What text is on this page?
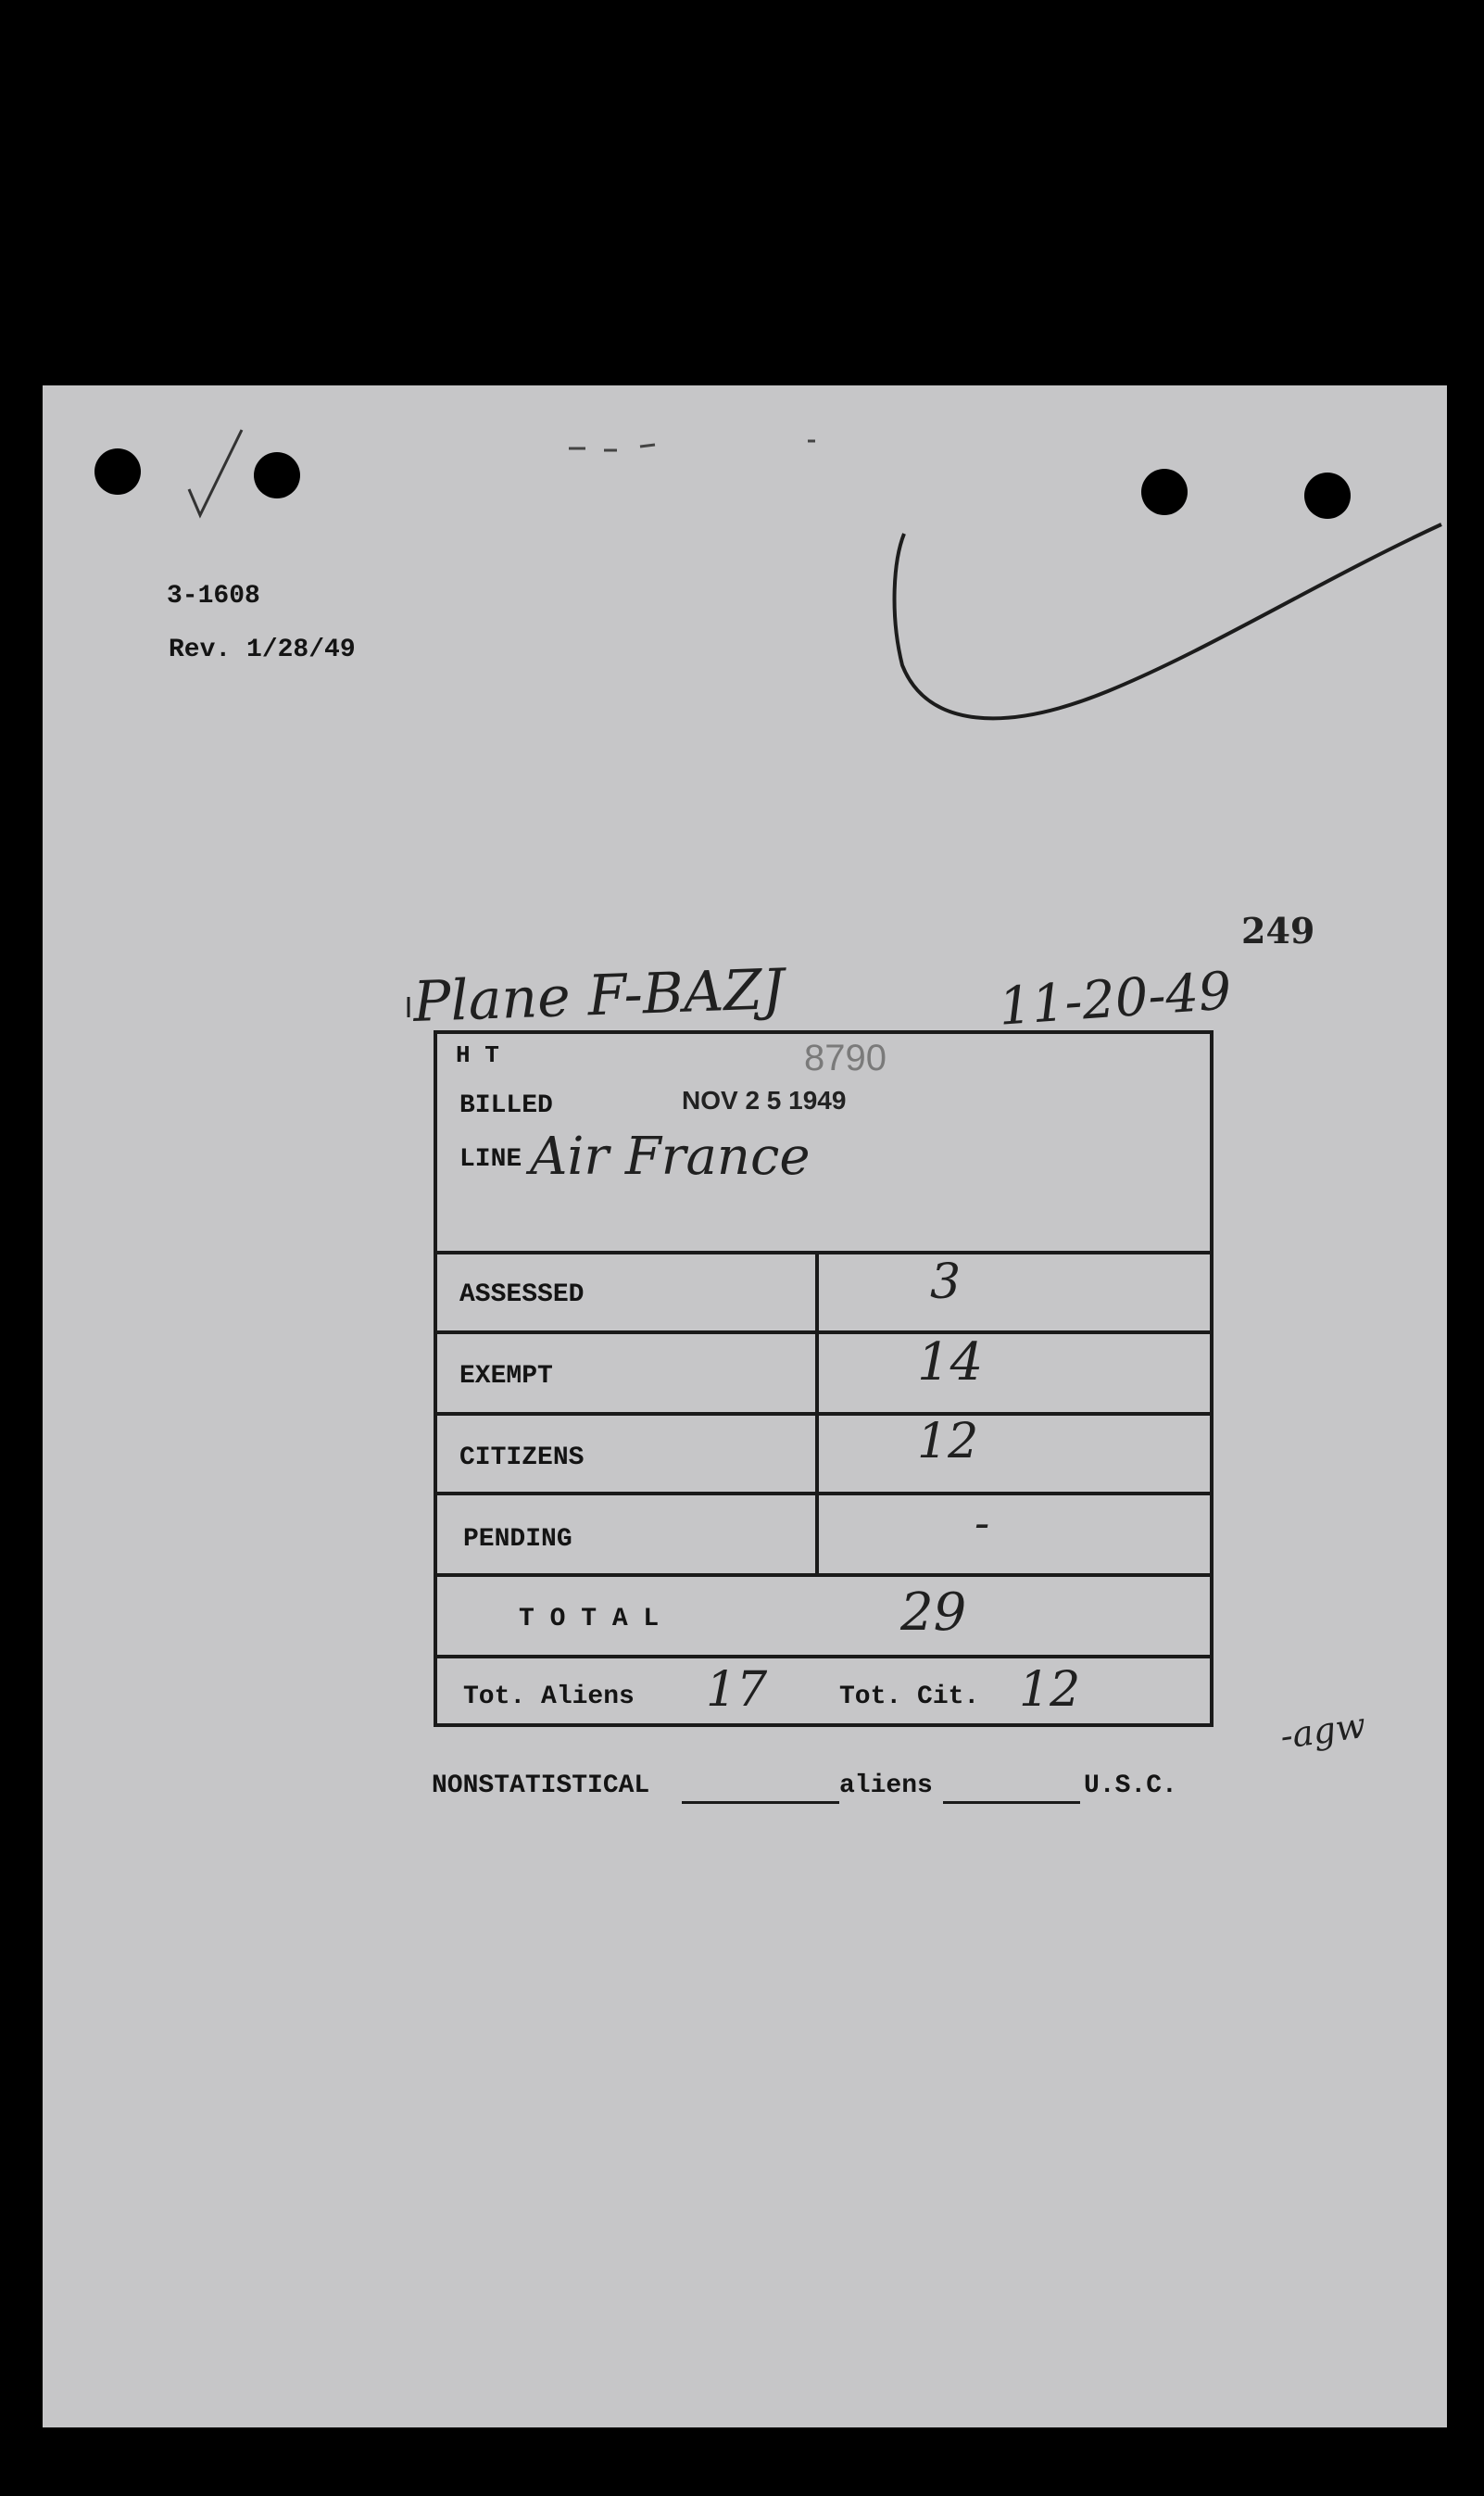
3-1608
Rev. 1/28/49
249
Plane F-BAZJ	11-20-49
H T	8790
BILLED	NOV 2 5 1949
LINE Air France
ASSESSED	3
EXEMPT	14
CITIZENS	12
PENDING	-
T O T A L	29
Tot. Aliens 17	Tot. Cit. 12
-agw
NONSTATISTICAL	aliens	U.S.C.
